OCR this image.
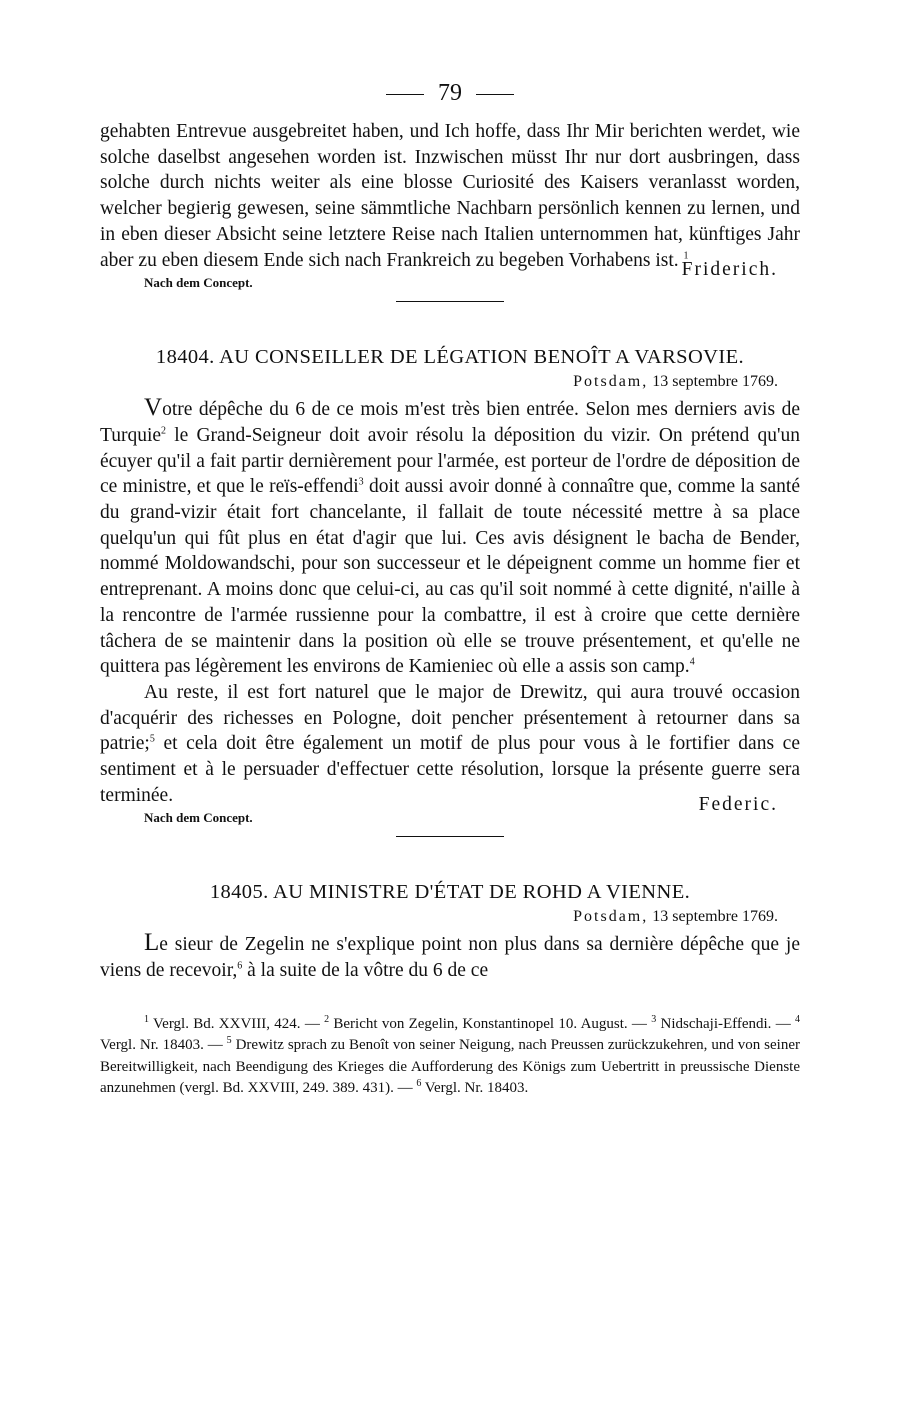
79

gehabten Entrevue ausgebreitet haben, und Ich hoffe, dass Ihr Mir berichten werdet, wie solche daselbst angesehen worden ist. Inzwischen müsst Ihr nur dort ausbringen, dass solche durch nichts weiter als eine blosse Curiosité des Kaisers veranlasst worden, welcher begierig gewesen, seine sämmtliche Nachbarn persönlich kennen zu lernen, und in eben dieser Absicht seine letztere Reise nach Italien unternommen hat, künftiges Jahr aber zu eben diesem Ende sich nach Frankreich zu begeben Vorhabens ist. $^1$

Friderich.
Nach dem Concept.
18404. AU CONSEILLER DE LÉGATION BENOÎT A VARSOVIE.
Potsdam, 13 septembre 1769.

Votre dépêche du 6 de ce mois m'est très bien entrée. Selon mes derniers avis de Turquie$^2$ le Grand-Seigneur doit avoir résolu la déposition du vizir. On prétend qu'un écuyer qu'il a fait partir dernièrement pour l'armée, est porteur de l'ordre de déposition de ce ministre, et que le reïs-effendi$^3$ doit aussi avoir donné à connaître que, comme la santé du grand-vizir était fort chancelante, il fallait de toute nécessité mettre à sa place quelqu'un qui fût plus en état d'agir que lui. Ces avis désignent le bacha de Bender, nommé Moldowandschi, pour son successeur et le dépeignent comme un homme fier et entreprenant. A moins donc que celui-ci, au cas qu'il soit nommé à cette dignité, n'aille à la rencontre de l'armée russienne pour la combattre, il est à croire que cette dernière tâchera de se maintenir dans la position où elle se trouve présentement, et qu'elle ne quittera pas légèrement les environs de Kamieniec où elle a assis son camp.$^4$

Au reste, il est fort naturel que le major de Drewitz, qui aura trouvé occasion d'acquérir des richesses en Pologne, doit pencher présentement à retourner dans sa patrie;$^5$ et cela doit être également un motif de plus pour vous à le fortifier dans ce sentiment et à le persuader d'effectuer cette résolution, lorsque la présente guerre sera terminée.	Federic.
Nach dem Concept.
18405. AU MINISTRE D'ÉTAT DE ROHD A VIENNE.
Potsdam, 13 septembre 1769.

Le sieur de Zegelin ne s'explique point non plus dans sa dernière dépêche que je viens de recevoir,$^6$ à la suite de la vôtre du 6 de ce

$^1$ Vergl. Bd. XXVIII, 424. — $^2$ Bericht von Zegelin, Konstantinopel 10. August. — $^3$ Nidschaji-Effendi. — $^4$ Vergl. Nr. 18403. — $^5$ Drewitz sprach zu Benoît von seiner Neigung, nach Preussen zurückzukehren, und von seiner Bereitwilligkeit, nach Beendigung des Krieges die Aufforderung des Königs zum Uebertritt in preussische Dienste anzunehmen (vergl. Bd. XXVIII, 249. 389. 431). — $^6$ Vergl. Nr. 18403.
